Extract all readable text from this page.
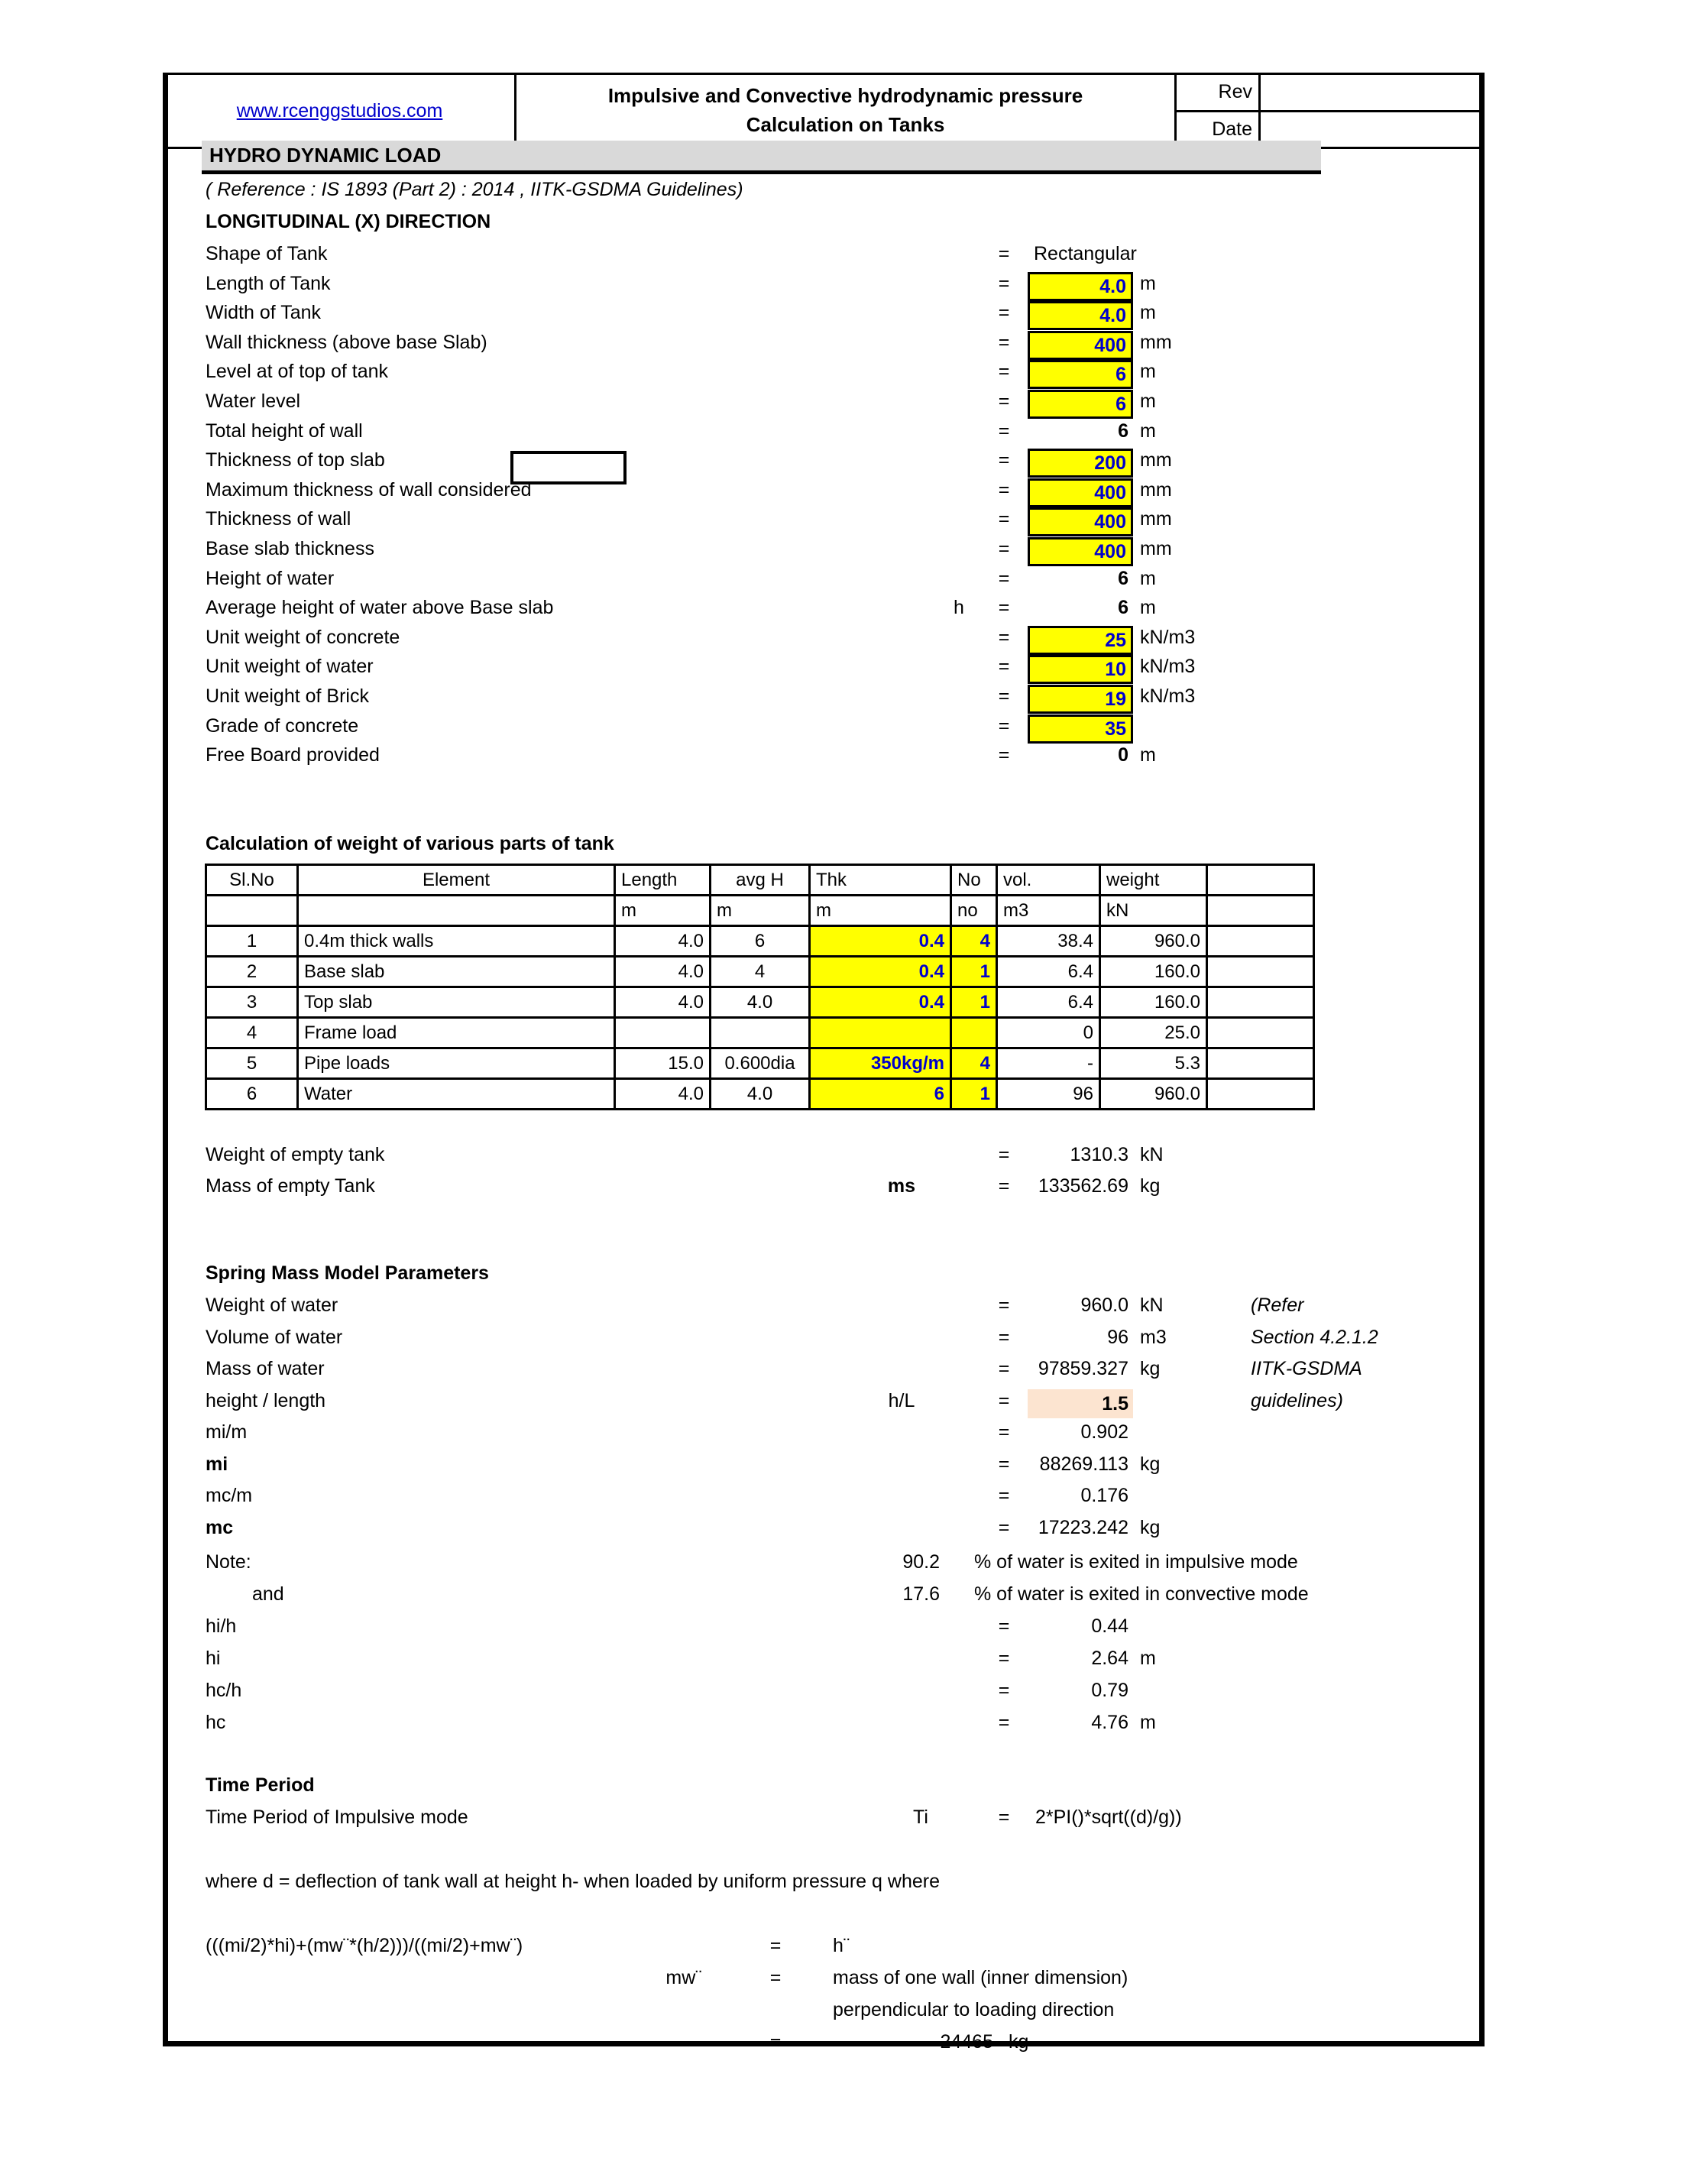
www.rcenggstudios.com
Impulsive and Convective hydrodynamic pressure
Calculation on Tanks
Rev
Date
HYDRO DYNAMIC LOAD
( Reference : IS 1893 (Part 2) : 2014 , IITK-GSDMA Guidelines)
LONGITUDINAL (X) DIRECTION
Shape of Tank	=	Rectangular
Length of Tank	=	4.0 m
Width of Tank	=	4.0 m
Wall thickness (above base Slab)	=	400 mm
Level at of top of tank	=	6 m
Water level	=	6 m
Total height of wall	=	6 m
Thickness of top slab	=	200 mm
Maximum thickness of wall considered	=	400 mm
Thickness of wall	=	400 mm
Base slab thickness	=	400 mm
Height of water	=	6 m
Average height of water above Base slab	h	=	6 m
Unit weight of concrete	=	25 kN/m3
Unit weight of water	=	10 kN/m3
Unit weight of Brick	=	19 kN/m3
Grade of concrete	=	35
Free Board provided	=	0 m
Calculation of weight of various parts of tank
Sl.No	Element	Length	avg H	Thk	No	vol.	weight	
		m	m	m	no	m3	kN	
1	0.4m thick walls	4.0	6	0.4	4	38.4	960.0	
2	Base slab	4.0	4	0.4	1	6.4	160.0	
3	Top slab	4.0	4.0	0.4	1	6.4	160.0	
4	Frame load					0	25.0	
5	Pipe loads	15.0	0.600dia	350kg/m	4	-	5.3	
6	Water	4.0	4.0	6	1	96	960.0	
Weight of empty tank	=	1310.3 kN
Mass of empty Tank	ms	=	133562.69 kg
Spring Mass Model Parameters
Weight of water	=	960.0 kN
Volume of water	=	96 m3
Mass of water	=	97859.327 kg
height / length	h/L	=	1.5
mi/m	=	0.902
mi	=	88269.113 kg
mc/m	=	0.176
mc	=	17223.242 kg
(Refer
Section 4.2.1.2
IITK-GSDMA
guidelines)
Note:	90.2 % of water is exited in impulsive mode
and	17.6 % of water is exited in convective mode
hi/h	=	0.44
hi	=	2.64 m
hc/h	=	0.79
hc	=	4.76 m
Time Period
Time Period of Impulsive mode	Ti	=	2*PI()*sqrt((d)/g))
where d = deflection of tank wall at height h- when loaded by uniform pressure q where
(((mi/2)*hi)+(mw¨*(h/2)))/((mi/2)+mw¨)	=	h¨
mw¨	=	mass of one wall (inner dimension)
perpendicular to loading direction
=	24465 kg
